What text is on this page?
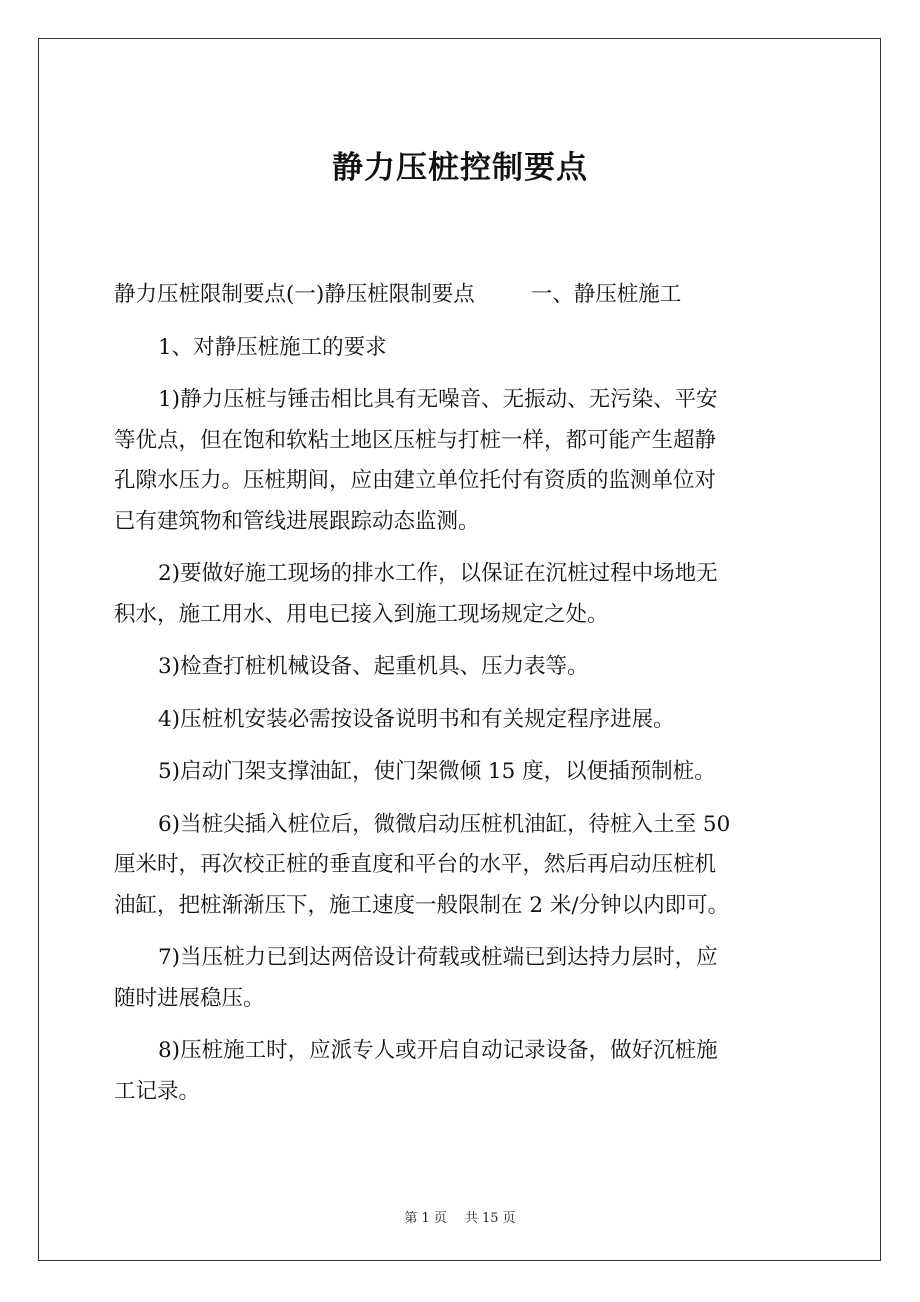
静力压桩控制要点
静力压桩限制要点(一)静压桩限制要点	一、静压桩施工
1、对静压桩施工的要求
1)静力压桩与锤击相比具有无噪音、无振动、无污染、平安
等优点，但在饱和软粘土地区压桩与打桩一样，都可能产生超静
孔隙水压力。压桩期间，应由建立单位托付有资质的监测单位对
已有建筑物和管线进展跟踪动态监测。
2)要做好施工现场的排水工作，以保证在沉桩过程中场地无
积水，施工用水、用电已接入到施工现场规定之处。
3)检查打桩机械设备、起重机具、压力表等。
4)压桩机安装必需按设备说明书和有关规定程序进展。
5)启动门架支撑油缸，使门架微倾 15 度，以便插预制桩。
6)当桩尖插入桩位后，微微启动压桩机油缸，待桩入土至 50
厘米时，再次校正桩的垂直度和平台的水平，然后再启动压桩机
油缸，把桩渐渐压下，施工速度一般限制在 2 米/分钟以内即可。
7)当压桩力已到达两倍设计荷载或桩端已到达持力层时，应
随时进展稳压。
8)压桩施工时，应派专人或开启自动记录设备，做好沉桩施
工记录。
第 1 页 共 15 页
